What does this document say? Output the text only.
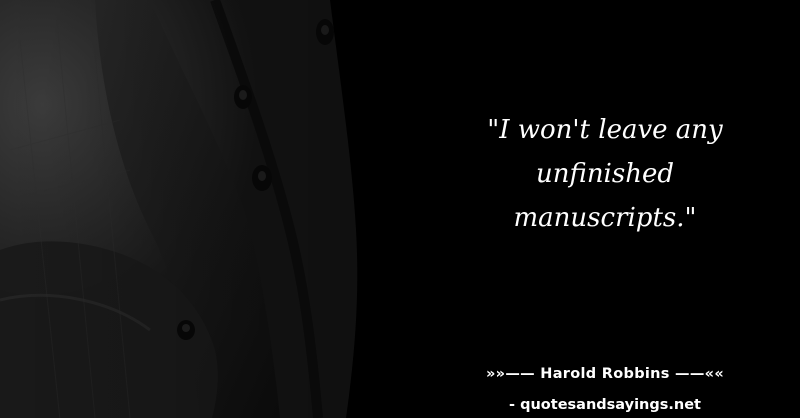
"I won't leave any
unfinished
manuscripts."
»»—— Harold Robbins ——««
- quotesandsayings.net
